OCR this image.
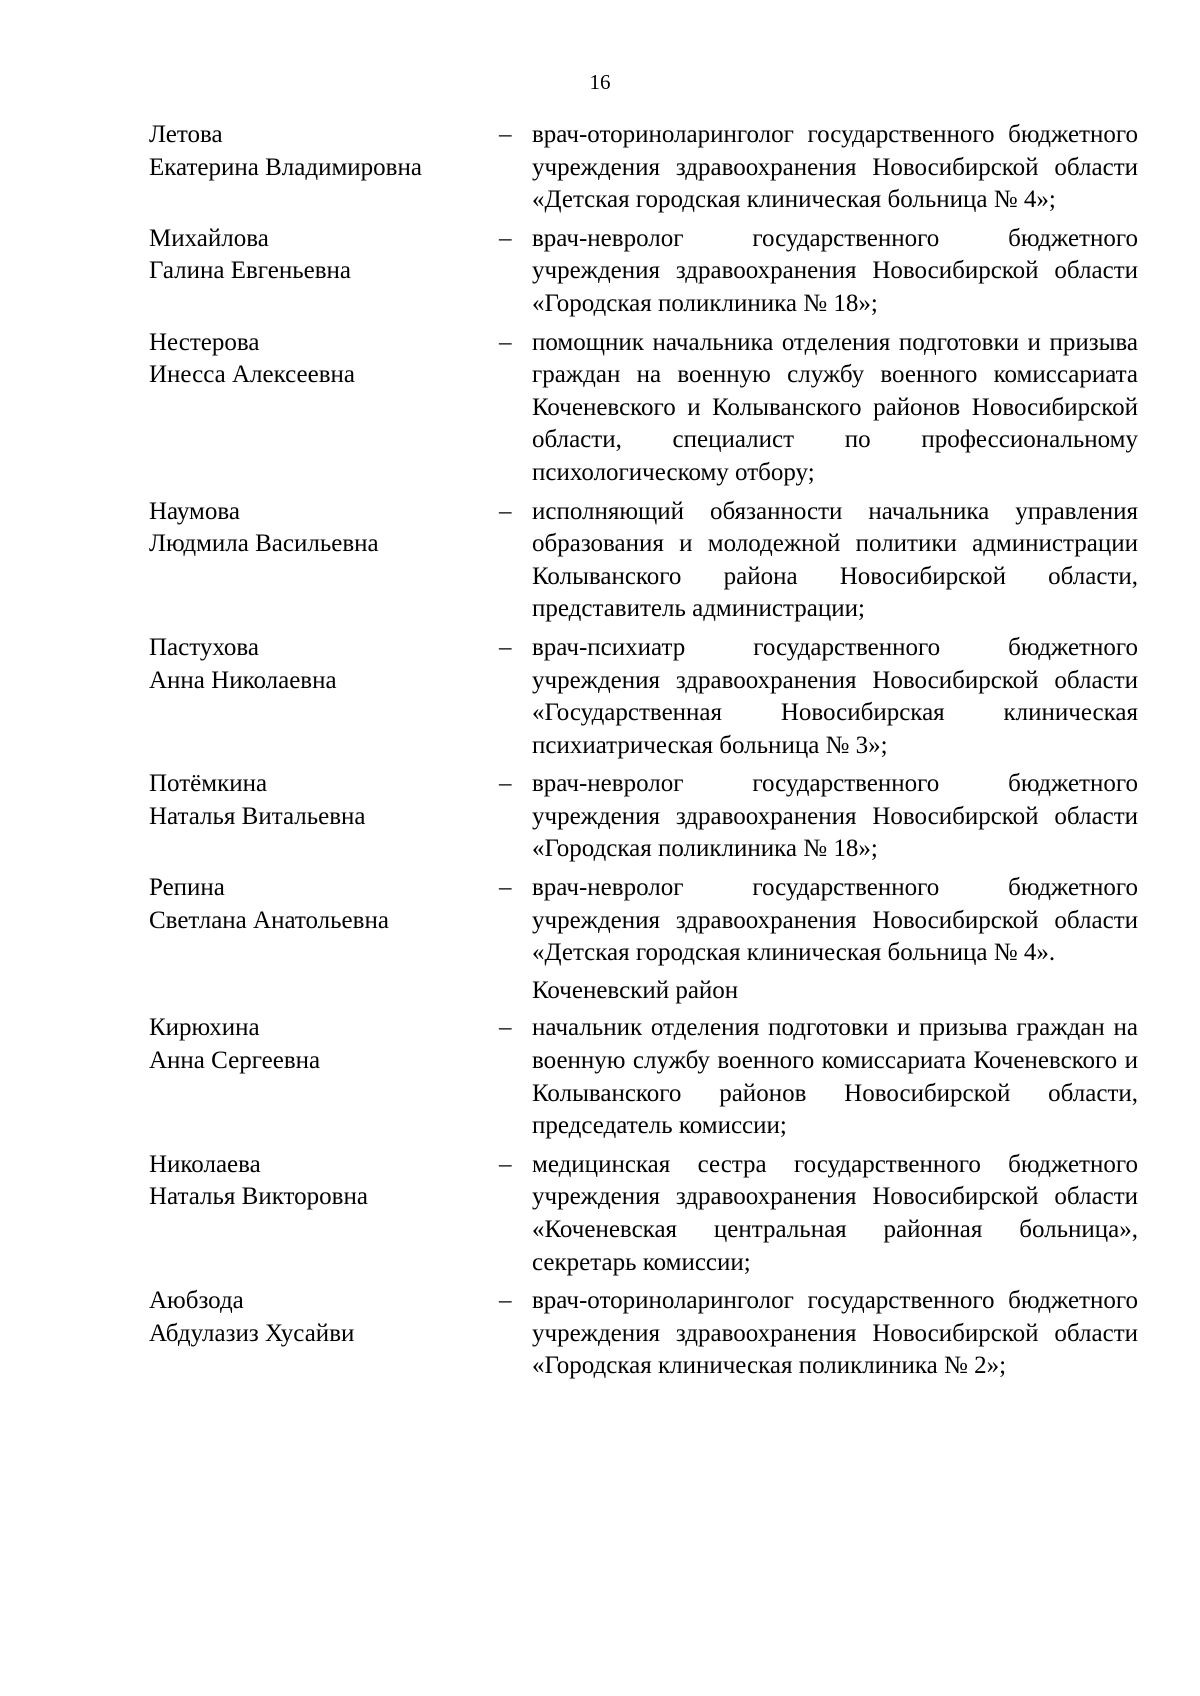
16
Летова
Екатерина Владимировна
– врач-оториноларинголог государственного бюджетного учреждения здравоохранения Новосибирской области «Детская городская клиническая больница № 4»;
Михайлова
Галина Евгеньевна
– врач-невролог государственного бюджетного учреждения здравоохранения Новосибирской области «Городская поликлиника № 18»;
Нестерова
Инесса Алексеевна
– помощник начальника отделения подготовки и призыва граждан на военную службу военного комиссариата Коченевского и Колыванского районов Новосибирской области, специалист по профессиональному психологическому отбору;
Наумова
Людмила Васильевна
– исполняющий обязанности начальника управления образования и молодежной политики администрации Колыванского района Новосибирской области, представитель администрации;
Пастухова
Анна Николаевна
– врач-психиатр государственного бюджетного учреждения здравоохранения Новосибирской области «Государственная Новосибирская клиническая психиатрическая больница № 3»;
Потёмкина
Наталья Витальевна
– врач-невролог государственного бюджетного учреждения здравоохранения Новосибирской области «Городская поликлиника № 18»;
Репина
Светлана Анатольевна
– врач-невролог государственного бюджетного учреждения здравоохранения Новосибирской области «Детская городская клиническая больница № 4».
Коченевский район
Кирюхина
Анна Сергеевна
– начальник отделения подготовки и призыва граждан на военную службу военного комиссариата Коченевского и Колыванского районов Новосибирской области, председатель комиссии;
Николаева
Наталья Викторовна
– медицинская сестра государственного бюджетного учреждения здравоохранения Новосибирской области «Коченевская центральная районная больница», секретарь комиссии;
Аюбзода
Абдулазиз Хусайви
– врач-оториноларинголог государственного бюджетного учреждения здравоохранения Новосибирской области «Городская клиническая поликлиника № 2»;
